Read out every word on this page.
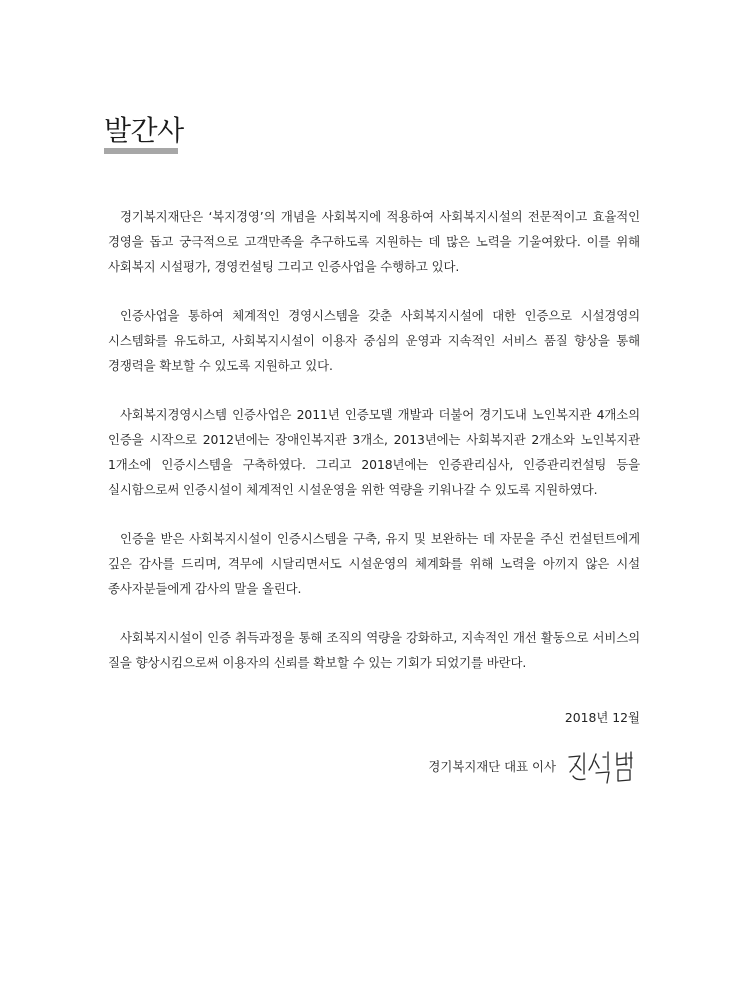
발간사

경기복지재단은 ‘복지경영’의 개념을 사회복지에 적용하여 사회복지시설의 전문적이고 효율적인 경영을 돕고 궁극적으로 고객만족을 추구하도록 지원하는 데 많은 노력을 기울여왔다. 이를 위해 사회복지 시설평가, 경영컨설팅 그리고 인증사업을 수행하고 있다.

인증사업을 통하여 체계적인 경영시스템을 갖춘 사회복지시설에 대한 인증으로 시설경영의 시스템화를 유도하고, 사회복지시설이 이용자 중심의 운영과 지속적인 서비스 품질 향상을 통해 경쟁력을 확보할 수 있도록 지원하고 있다.

사회복지경영시스템 인증사업은 2011년 인증모델 개발과 더불어 경기도내 노인복지관 4개소의 인증을 시작으로 2012년에는 장애인복지관 3개소, 2013년에는 사회복지관 2개소와 노인복지관 1개소에 인증시스템을 구축하였다. 그리고 2018년에는 인증관리심사, 인증관리컨설팅 등을 실시함으로써 인증시설이 체계적인 시설운영을 위한 역량을 키워나갈 수 있도록 지원하였다.

인증을 받은 사회복지시설이 인증시스템을 구축, 유지 및 보완하는 데 자문을 주신 컨설턴트에게 깊은 감사를 드리며, 격무에 시달리면서도 시설운영의 체계화를 위해 노력을 아끼지 않은 시설 종사자분들에게 감사의 말을 올린다.

사회복지시설이 인증 취득과정을 통해 조직의 역량을 강화하고, 지속적인 개선 활동으로 서비스의 질을 향상시킴으로써 이용자의 신뢰를 확보할 수 있는 기회가 되었기를 바란다.

2018년 12월

경기복지재단 대표 이사
